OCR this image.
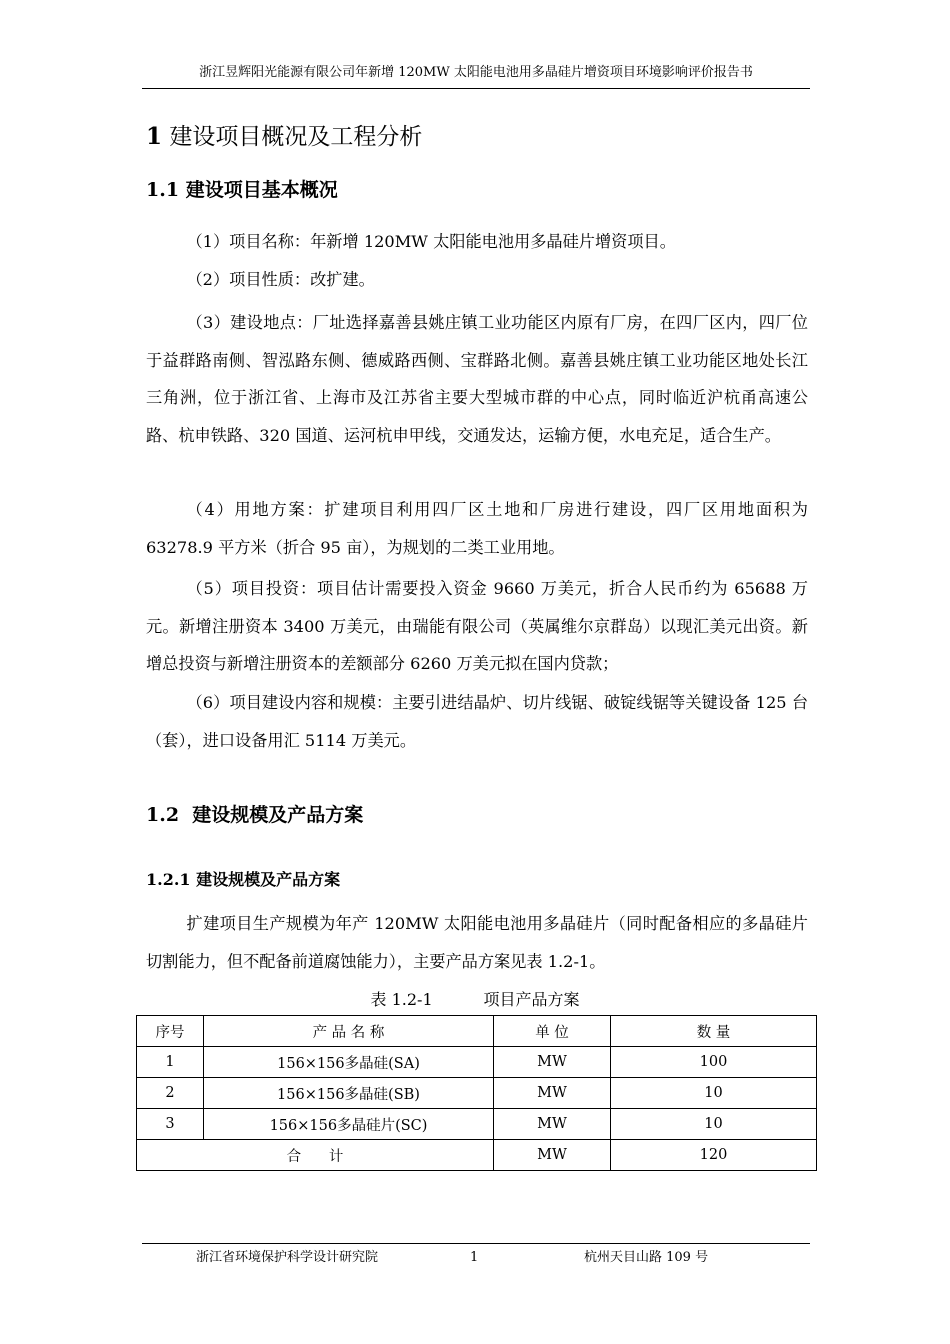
浙江昱辉阳光能源有限公司年新增 120MW 太阳能电池用多晶硅片增资项目环境影响评价报告书
1 建设项目概况及工程分析
1.1 建设项目基本概况

（1）项目名称：年新增 120MW 太阳能电池用多晶硅片增资项目。

（2）项目性质：改扩建。

（3）建设地点：厂址选择嘉善县姚庄镇工业功能区内原有厂房，在四厂区内，四厂位于益群路南侧、智泓路东侧、德威路西侧、宝群路北侧。嘉善县姚庄镇工业功能区地处长江三角洲，位于浙江省、上海市及江苏省主要大型城市群的中心点，同时临近沪杭甬高速公路、杭申铁路、320 国道、运河杭申甲线，交通发达，运输方便，水电充足，适合生产。

（4）用地方案：扩建项目利用四厂区土地和厂房进行建设，四厂区用地面积为 63278.9 平方米（折合 95 亩），为规划的二类工业用地。

（5）项目投资：项目估计需要投入资金 9660 万美元，折合人民币约为 65688 万元。新增注册资本 3400 万美元，由瑞能有限公司（英属维尔京群岛）以现汇美元出资。新增总投资与新增注册资本的差额部分 6260 万美元拟在国内贷款；

（6）项目建设内容和规模：主要引进结晶炉、切片线锯、破锭线锯等关键设备 125 台（套），进口设备用汇 5114 万美元。

1.2 建设规模及产品方案
1.2.1 建设规模及产品方案

扩建项目生产规模为年产 120MW 太阳能电池用多晶硅片（同时配备相应的多晶硅片切割能力，但不配备前道腐蚀能力），主要产品方案见表 1.2-1。

表 1.2-1          项目产品方案
序号	产 品 名 称	单 位	数 量
1	156×156多晶硅(SA)	MW	100
2	156×156多晶硅(SB)	MW	10
3	156×156多晶硅片(SC)	MW	10
合      计		MW	120
浙江省环境保护科学设计研究院	1	杭州天目山路 109 号
